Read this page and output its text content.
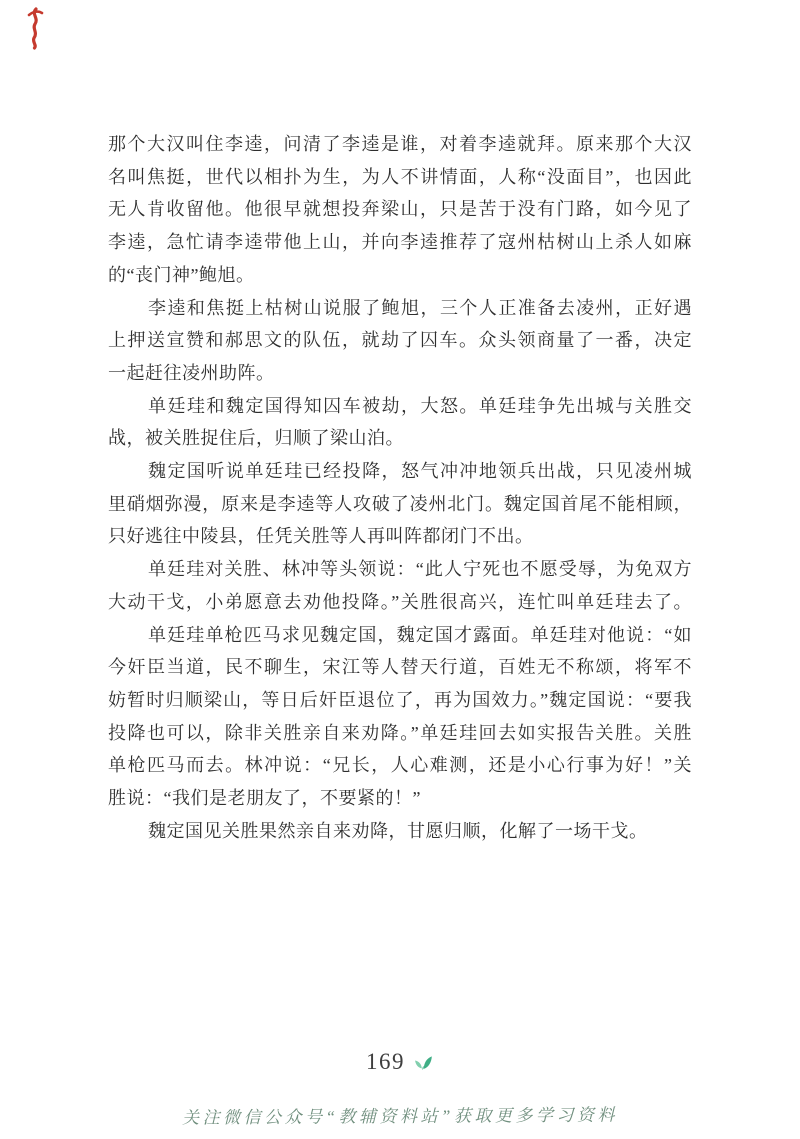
那个大汉叫住李逵，问清了李逵是谁，对着李逵就拜。原来那个大汉
名叫焦挺，世代以相扑为生，为人不讲情面，人称“没面目”，也因此
无人肯收留他。他很早就想投奔梁山，只是苦于没有门路，如今见了
李逵，急忙请李逵带他上山，并向李逵推荐了寇州枯树山上杀人如麻
的“丧门神”鲍旭。
李逵和焦挺上枯树山说服了鲍旭，三个人正准备去凌州，正好遇
上押送宣赞和郝思文的队伍，就劫了囚车。众头领商量了一番，决定
一起赶往凌州助阵。
单廷珪和魏定国得知囚车被劫，大怒。单廷珪争先出城与关胜交
战，被关胜捉住后，归顺了梁山泊。
魏定国听说单廷珪已经投降，怒气冲冲地领兵出战，只见凌州城
里硝烟弥漫，原来是李逵等人攻破了凌州北门。魏定国首尾不能相顾，
只好逃往中陵县，任凭关胜等人再叫阵都闭门不出。
单廷珪对关胜、林冲等头领说：“此人宁死也不愿受辱，为免双方
大动干戈，小弟愿意去劝他投降。”关胜很高兴，连忙叫单廷珪去了。
单廷珪单枪匹马求见魏定国，魏定国才露面。单廷珪对他说：“如
今奸臣当道，民不聊生，宋江等人替天行道，百姓无不称颂，将军不
妨暂时归顺梁山，等日后奸臣退位了，再为国效力。”魏定国说：“要我
投降也可以，除非关胜亲自来劝降。”单廷珪回去如实报告关胜。关胜
单枪匹马而去。林冲说：“兄长，人心难测，还是小心行事为好！”关
胜说：“我们是老朋友了，不要紧的！”
魏定国见关胜果然亲自来劝降，甘愿归顺，化解了一场干戈。
169
关注微信公众号“教辅资料站”获取更多学习资料
